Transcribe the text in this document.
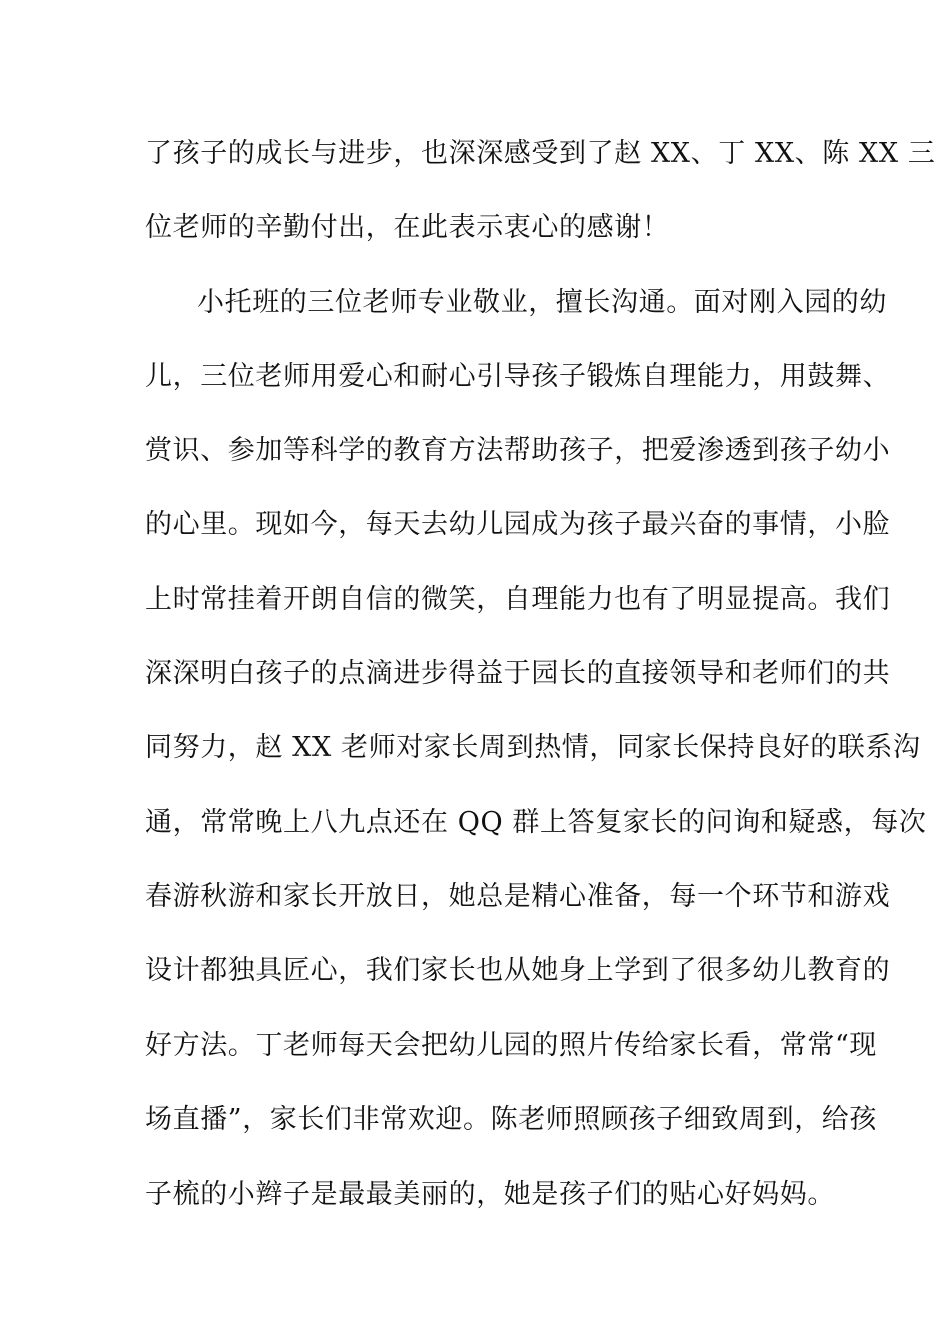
了孩子的成长与进步，也深深感受到了赵 XX、丁 XX、陈 XX 三
位老师的辛勤付出，在此表示衷心的感谢！
小托班的三位老师专业敬业，擅长沟通。面对刚入园的幼
儿，三位老师用爱心和耐心引导孩子锻炼自理能力，用鼓舞、
赏识、参加等科学的教育方法帮助孩子，把爱渗透到孩子幼小
的心里。现如今，每天去幼儿园成为孩子最兴奋的事情，小脸
上时常挂着开朗自信的微笑，自理能力也有了明显提高。我们
深深明白孩子的点滴进步得益于园长的直接领导和老师们的共
同努力，赵 XX 老师对家长周到热情，同家长保持良好的联系沟
通，常常晚上八九点还在 QQ 群上答复家长的问询和疑惑，每次
春游秋游和家长开放日，她总是精心准备，每一个环节和游戏
设计都独具匠心，我们家长也从她身上学到了很多幼儿教育的
好方法。丁老师每天会把幼儿园的照片传给家长看，常常“现
场直播”，家长们非常欢迎。陈老师照顾孩子细致周到，给孩
子梳的小辫子是最最美丽的，她是孩子们的贴心好妈妈。
